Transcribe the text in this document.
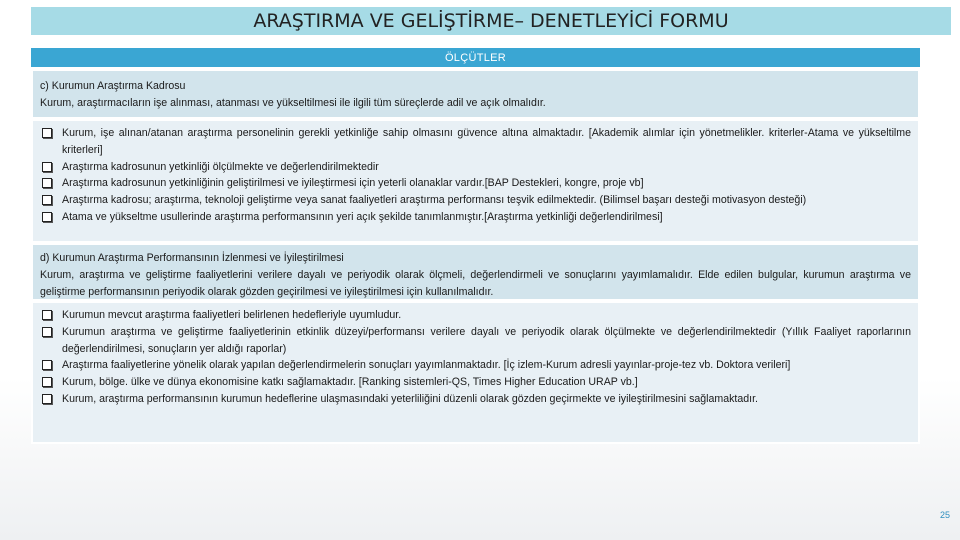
ARAŞTIRMA VE GELİŞTİRME– DENETLEYİCİ FORMU
ÖLÇÜTLER
c) Kurumun Araştırma Kadrosu
Kurum, araştırmacıların işe alınması, atanması ve yükseltilmesi ile ilgili tüm süreçlerde adil ve açık olmalıdır.
Kurum, işe alınan/atanan araştırma personelinin gerekli yetkinliğe sahip olmasını güvence altına almaktadır. [Akademik alımlar için yönetmelikler. kriterler-Atama ve yükseltilme kriterleri]
Araştırma kadrosunun yetkinliği ölçülmekte ve değerlendirilmektedir
Araştırma kadrosunun yetkinliğinin geliştirilmesi ve iyileştirmesi için yeterli olanaklar vardır.[BAP Destekleri, kongre, proje vb]
Araştırma kadrosu; araştırma, teknoloji geliştirme veya sanat faaliyetleri araştırma performansı teşvik edilmektedir. (Bilimsel başarı desteği motivasyon desteği)
Atama ve yükseltme usullerinde araştırma performansının yeri açık şekilde tanımlanmıştır.[Araştırma yetkinliği değerlendirilmesi]
d) Kurumun Araştırma Performansının İzlenmesi ve İyileştirilmesi
Kurum, araştırma ve geliştirme faaliyetlerini verilere dayalı ve periyodik olarak ölçmeli, değerlendirmeli ve sonuçlarını yayımlamalıdır. Elde edilen bulgular, kurumun araştırma ve geliştirme performansının periyodik olarak gözden geçirilmesi ve iyileştirilmesi için kullanılmalıdır.
Kurumun mevcut araştırma faaliyetleri belirlenen hedefleriyle uyumludur.
Kurumun araştırma ve geliştirme faaliyetlerinin etkinlik düzeyi/performansı verilere dayalı ve periyodik olarak ölçülmekte ve değerlendirilmektedir (Yıllık Faaliyet raporlarının değerlendirilmesi, sonuçların yer aldığı raporlar)
Araştırma faaliyetlerine yönelik olarak yapılan değerlendirmelerin sonuçları yayımlanmaktadır. [İç izlem-Kurum adresli yayınlar-proje-tez vb. Doktora verileri]
Kurum, bölge. ülke ve dünya ekonomisine katkı sağlamaktadır. [Ranking sistemleri-QS, Times Higher Education URAP vb.]
Kurum, araştırma performansının kurumun hedeflerine ulaşmasındaki yeterliliğini düzenli olarak gözden geçirmekte ve iyileştirilmesini sağlamaktadır.
25
